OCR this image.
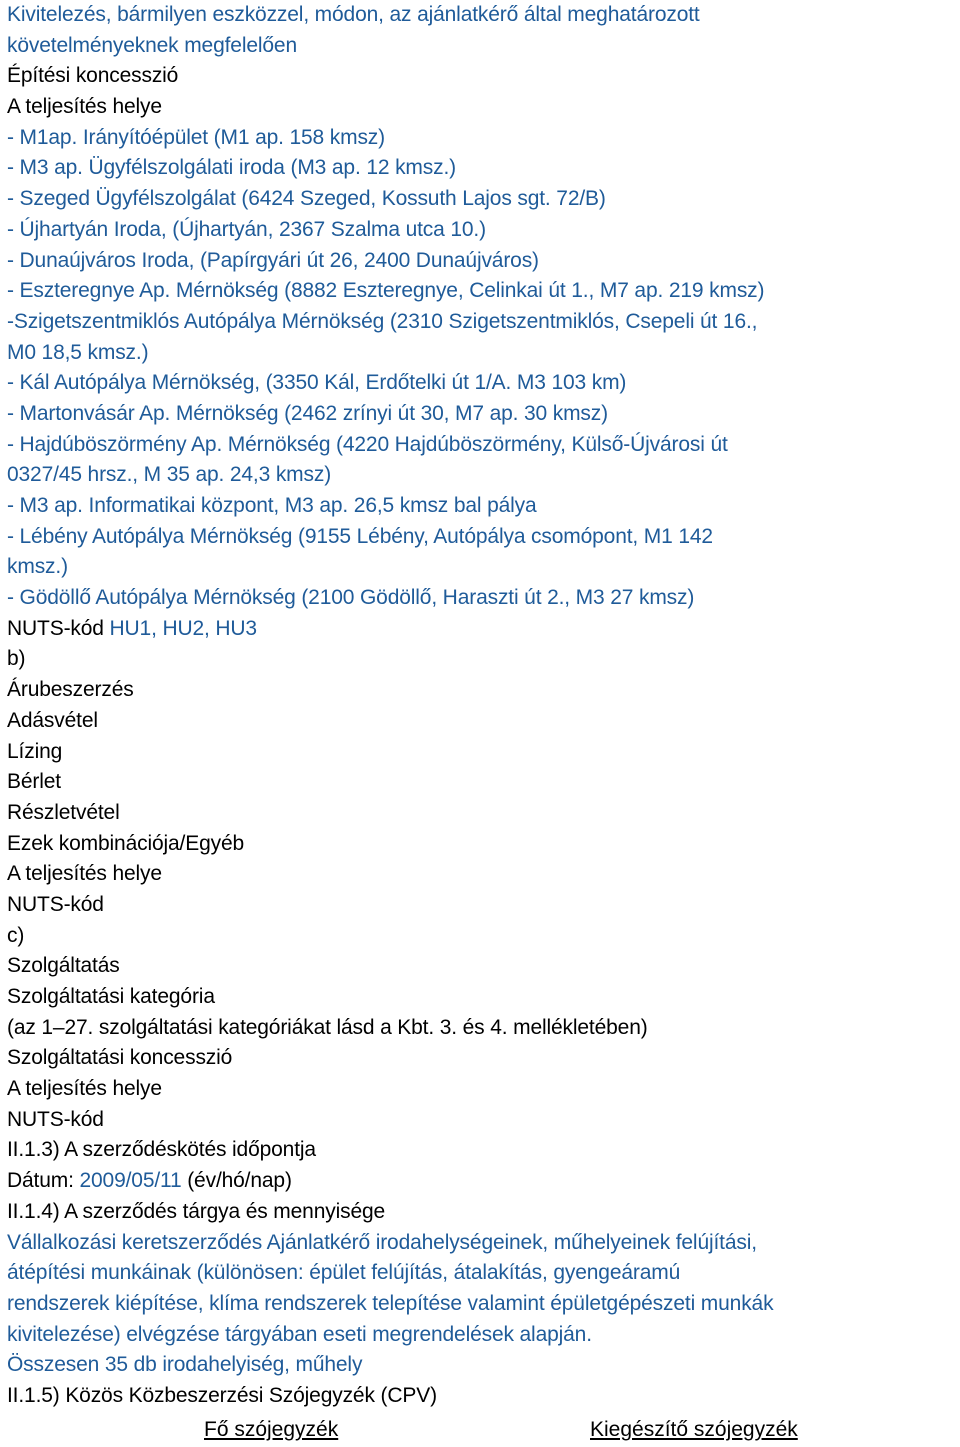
Kivitelezés, bármilyen eszközzel, módon, az ajánlatkérő által meghatározott
követelményeknek megfelelően
Építési koncesszió
A teljesítés helye
- M1ap. Irányítóépület (M1 ap. 158 kmsz)
- M3 ap. Ügyfélszolgálati iroda (M3 ap. 12 kmsz.)
- Szeged Ügyfélszolgálat (6424 Szeged, Kossuth Lajos sgt. 72/B)
- Újhartyán Iroda, (Újhartyán, 2367 Szalma utca 10.)
- Dunaújváros Iroda, (Papírgyári út 26, 2400 Dunaújváros)
- Eszteregnye Ap. Mérnökség (8882 Eszteregnye, Celinkai út 1., M7 ap. 219 kmsz)
-Szigetszentmiklós Autópálya Mérnökség (2310 Szigetszentmiklós, Csepeli út 16.,
M0 18,5 kmsz.)
- Kál Autópálya Mérnökség, (3350 Kál, Erdőtelki út 1/A. M3 103 km)
- Martonvásár Ap. Mérnökség (2462 zrínyi út 30, M7 ap. 30 kmsz)
- Hajdúböszörmény Ap. Mérnökség (4220 Hajdúböszörmény, Külső-Újvárosi út
0327/45 hrsz., M 35 ap. 24,3 kmsz)
- M3 ap. Informatikai központ, M3 ap. 26,5 kmsz bal pálya
- Lébény Autópálya Mérnökség (9155 Lébény, Autópálya csomópont, M1 142
kmsz.)
- Gödöllő Autópálya Mérnökség (2100 Gödöllő, Haraszti út 2., M3 27 kmsz)
NUTS-kód HU1, HU2, HU3
b)
Árubeszerzés
Adásvétel
Lízing
Bérlet
Részletvétel
Ezek kombinációja/Egyéb
A teljesítés helye
NUTS-kód
c)
Szolgáltatás
Szolgáltatási kategória
(az 1–27. szolgáltatási kategóriákat lásd a Kbt. 3. és 4. mellékletében)
Szolgáltatási koncesszió
A teljesítés helye
NUTS-kód
II.1.3) A szerződéskötés időpontja
Dátum: 2009/05/11 (év/hó/nap)
II.1.4) A szerződés tárgya és mennyisége
Vállalkozási keretszerződés Ajánlatkérő irodahelységeinek, műhelyeinek felújítási,
átépítési munkáinak (különösen: épület felújítás, átalakítás, gyengeáramú
rendszerek kiépítése, klíma rendszerek telepítése valamint épületgépészeti munkák
kivitelezése) elvégzése tárgyában eseti megrendelések alapján.
Összesen 35 db irodahelyiség, műhely
II.1.5) Közös Közbeszerzési Szójegyzék (CPV)
Fő szójegyzék	Kiegészítő szójegyzék
